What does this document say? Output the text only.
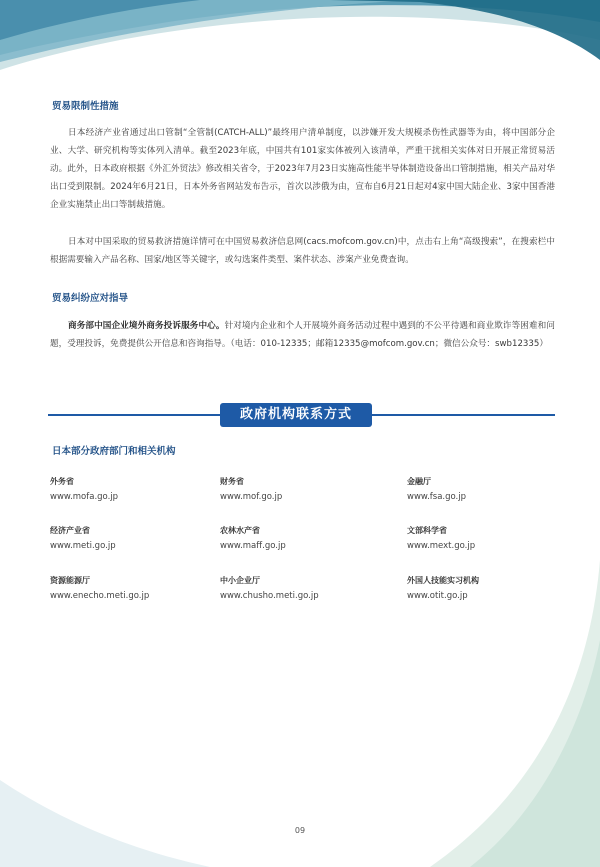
贸易限制性措施

日本经济产业省通过出口管制“全管制(CATCH-ALL)”最终用户清单制度，以涉嫌开发大规模杀伤性武器等为由，将中国部分企业、大学、研究机构等实体列入清单。截至2023年底，中国共有101家实体被列入该清单，严重干扰相关实体对日开展正常贸易活动。此外，日本政府根据《外汇外贸法》修改相关省令，于2023年7月23日实施高性能半导体制造设备出口管制措施，相关产品对华出口受到限制。2024年6月21日，日本外务省网站发布告示，首次以涉俄为由，宣布自6月21日起对4家中国大陆企业、3家中国香港企业实施禁止出口等制裁措施。

日本对中国采取的贸易救济措施详情可在中国贸易救济信息网(cacs.mofcom.gov.cn)中，点击右上角“高级搜索”，在搜索栏中根据需要输入产品名称、国家/地区等关键字，或勾选案件类型、案件状态、涉案产业免费查询。

贸易纠纷应对指导

商务部中国企业境外商务投诉服务中心。针对境内企业和个人开展境外商务活动过程中遇到的不公平待遇和商业欺诈等困难和问题，受理投诉，免费提供公开信息和咨询指导。（电话：010-12335；邮箱12335@mofcom.gov.cn；微信公众号：swb12335）

政府机构联系方式
日本部分政府部门和相关机构
外务省
www.mofa.go.jp
财务省
www.mof.go.jp
金融厅
www.fsa.go.jp
经济产业省
www.meti.go.jp
农林水产省
www.maff.go.jp
文部科学省
www.mext.go.jp
资源能源厅
www.enecho.meti.go.jp
中小企业厅
www.chusho.meti.go.jp
外国人技能实习机构
www.otit.go.jp
09
